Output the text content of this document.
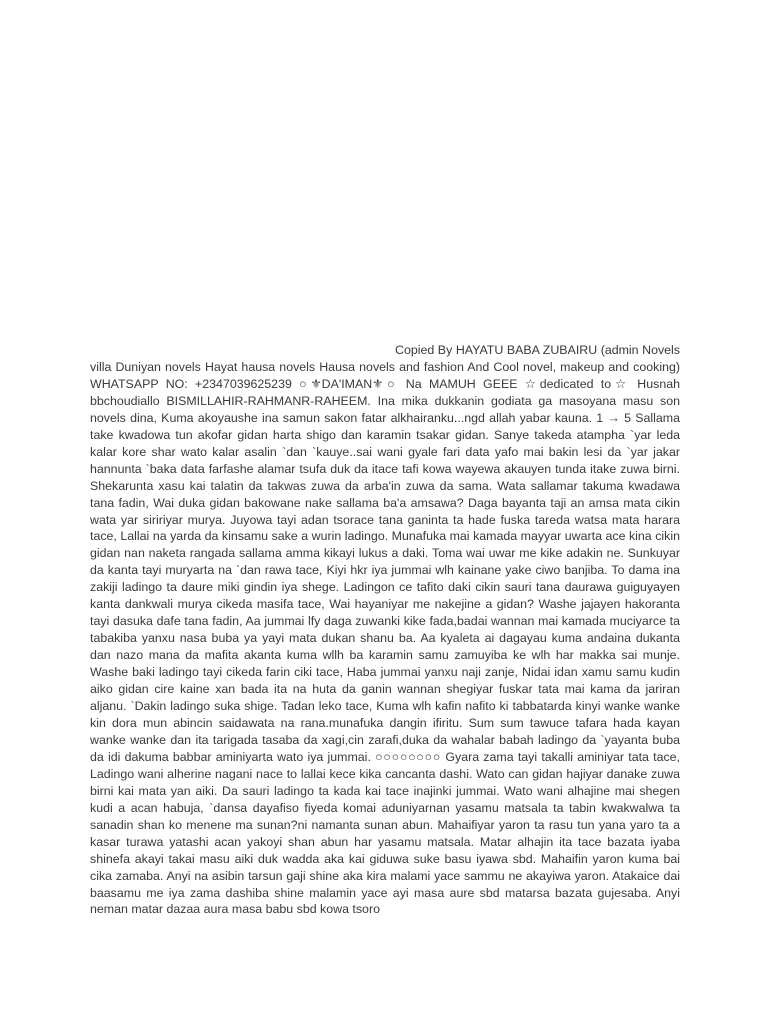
Copied By HAYATU BABA ZUBAIRU (admin Novels villa Duniyan novels Hayat hausa novels Hausa novels and fashion And Cool novel, makeup and cooking) WHATSAPP NO: +2347039625239 ○⚜DA'IMAN⚜○ Na MAMUH GEEE ☆dedicated to☆ Husnah bbchoudiallo BISMILLAHIR-RAHMANR-RAHEEM. Ina mika dukkanin godiata ga masoyana masu son novels dina, Kuma akoyaushe ina samun sakon fatar alkhairanku...ngd allah yabar kauna. 1 → 5 Sallama take kwadowa tun akofar gidan harta shigo dan karamin tsakar gidan. Sanye takeda atampha `yar leda kalar kore shar wato kalar asalin `dan `kauye..sai wani gyale fari data yafo mai bakin lesi da `yar jakar hannunta `baka data farfashe alamar tsufa duk da itace tafi kowa wayewa akauyen tunda itake zuwa birni. Shekarunta xasu kai talatin da takwas zuwa da arba'in zuwa da sama. Wata sallamar takuma kwadawa tana fadin, Wai duka gidan bakowane nake sallama ba'a amsawa? Daga bayanta taji an amsa mata cikin wata yar siririyar murya. Juyowa tayi adan tsorace tana ganinta ta hade fuska tareda watsa mata harara tace, Lallai na yarda da kinsamu sake a wurin ladingo. Munafuka mai kamada mayyar uwarta ace kina cikin gidan nan naketa rangada sallama amma kikayi lukus a daki. Toma wai uwar me kike adakin ne. Sunkuyar da kanta tayi muryarta na `dan rawa tace, Kiyi hkr iya jummai wlh kainane yake ciwo banjiba. To dama ina zakiji ladingo ta daure miki gindin iya shege. Ladingon ce tafito daki cikin sauri tana daurawa guiguyayen kanta dankwali murya cikeda masifa tace, Wai hayaniyar me nakejine a gidan? Washe jajayen hakoranta tayi dasuka dafe tana fadin, Aa jummai lfy daga zuwanki kike fada,badai wannan mai kamada muciyarce ta tabakiba yanxu nasa buba ya yayi mata dukan shanu ba. Aa kyaleta ai dagayau kuma andaina dukanta dan nazo mana da mafita akanta kuma wllh ba karamin samu zamuyiba ke wlh har makka sai munje. Washe baki ladingo tayi cikeda farin ciki tace, Haba jummai yanxu naji zanje, Nidai idan xamu samu kudin aiko gidan cire kaine xan bada ita na huta da ganin wannan shegiyar fuskar tata mai kama da jariran aljanu. `Dakin ladingo suka shige. Tadan leko tace, Kuma wlh kafin nafito ki tabbatarda kinyi wanke wanke kin dora mun abincin saidawata na rana.munafuka dangin ifiritu. Sum sum tawuce tafara hada kayan wanke wanke dan ita tarigada tasaba da xagi,cin zarafi,duka da wahalar babah ladingo da `yayanta buba da idi dakuma babbar aminiyarta wato iya jummai. ○○○○○○○○ Gyara zama tayi takalli aminiyar tata tace, Ladingo wani alherine nagani nace to lallai kece kika cancanta dashi. Wato can gidan hajiyar danake zuwa birni kai mata yan aiki. Da sauri ladingo ta kada kai tace inajinki jummai. Wato wani alhajine mai shegen kudi a acan habuja, `dansa dayafiso fiyeda komai aduniyarnan yasamu matsala ta tabin kwakwalwa ta sanadin shan ko menene ma sunan?ni namanta sunan abun. Mahaifiyar yaron ta rasu tun yana yaro ta a kasar turawa yatashi acan yakoyi shan abun har yasamu matsala. Matar alhajin ita tace bazata iyaba shinefa akayi takai masu aiki duk wadda aka kai giduwa suke basu iyawa sbd. Mahaifin yaron kuma bai cika zamaba. Anyi na asibin tarsun gaji shine aka kira malami yace sammu ne akayiwa yaron. Atakaice dai baasamu me iya zama dashiba shine malamin yace ayi masa aure sbd matarsa bazata gujesaba. Anyi neman matar dazaa aura masa babu sbd kowa tsoro
